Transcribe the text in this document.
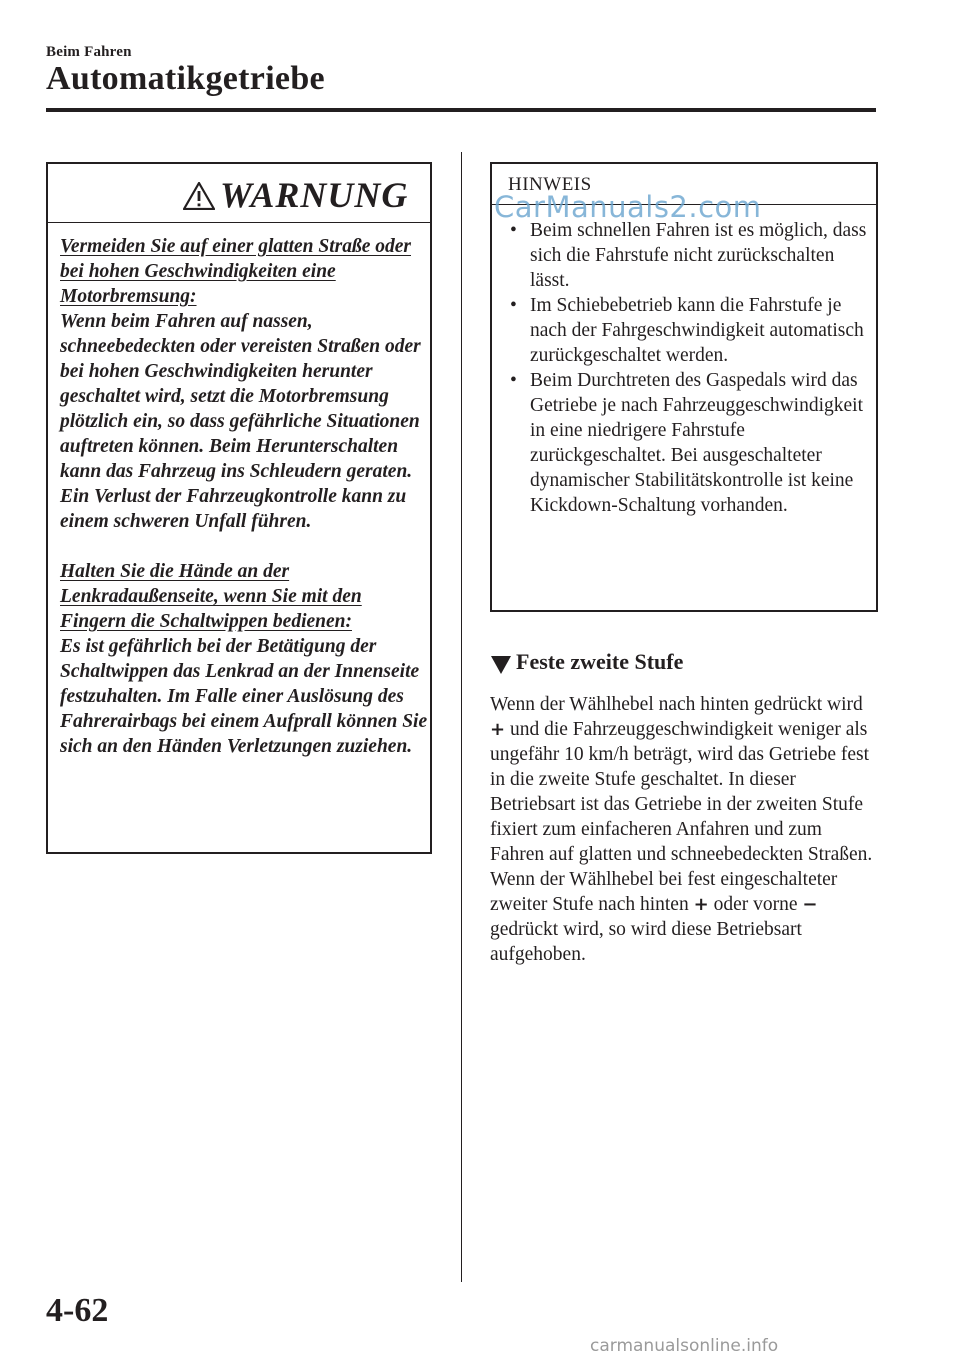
Beim Fahren
Automatikgetriebe
WARNUNG

Vermeiden Sie auf einer glatten Straße oder bei hohen Geschwindigkeiten eine Motorbremsung:

Wenn beim Fahren auf nassen, schneebedeckten oder vereisten Straßen oder bei hohen Geschwindigkeiten herunter geschaltet wird, setzt die Motorbremsung plötzlich ein, so dass gefährliche Situationen auftreten können. Beim Herunterschalten kann das Fahrzeug ins Schleudern geraten. Ein Verlust der Fahrzeugkontrolle kann zu einem schweren Unfall führen.

Halten Sie die Hände an der Lenkradaußenseite, wenn Sie mit den Fingern die Schaltwippen bedienen:

Es ist gefährlich bei der Betätigung der Schaltwippen das Lenkrad an der Innenseite festzuhalten. Im Falle einer Auslösung des Fahrerairbags bei einem Aufprall können Sie sich an den Händen Verletzungen zuziehen.

HINWEIS
• Beim schnellen Fahren ist es möglich, dass sich die Fahrstufe nicht zurückschalten lässt.
• Im Schiebebetrieb kann die Fahrstufe je nach der Fahrgeschwindigkeit automatisch zurückgeschaltet werden.
• Beim Durchtreten des Gaspedals wird das Getriebe je nach Fahrzeuggeschwindigkeit in eine niedrigere Fahrstufe zurückgeschaltet. Bei ausgeschalteter dynamischer Stabilitätskontrolle ist keine Kickdown-Schaltung vorhanden.
Feste zweite Stufe

Wenn der Wählhebel nach hinten gedrückt wird + und die Fahrzeuggeschwindigkeit weniger als ungefähr 10 km/h beträgt, wird das Getriebe fest in die zweite Stufe geschaltet. In dieser Betriebsart ist das Getriebe in der zweiten Stufe fixiert zum einfacheren Anfahren und zum Fahren auf glatten und schneebedeckten Straßen. Wenn der Wählhebel bei fest eingeschalteter zweiter Stufe nach hinten + oder vorne − gedrückt wird, so wird diese Betriebsart aufgehoben.

4-62
CarManuals2.com
carmanualsonline.info
